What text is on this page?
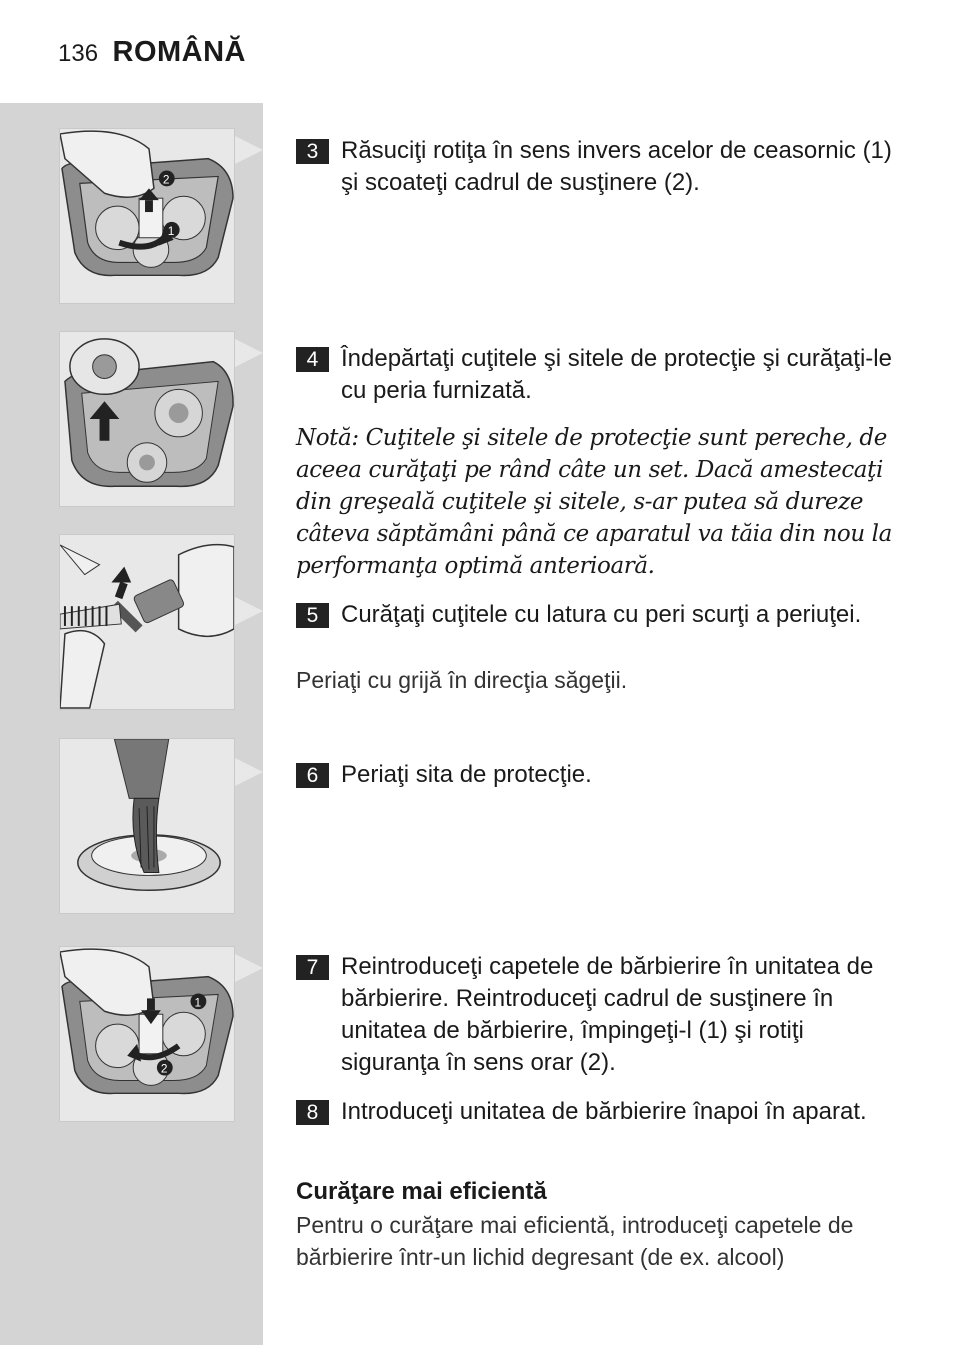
136 ROMÂNĂ
2
1
1
2
3 Răsuciţi rotiţa în sens invers acelor de ceasornic (1) şi scoateţi cadrul de susţinere (2).
4 Îndepărtaţi cuţitele şi sitele de protecţie şi curăţaţi-le cu peria furnizată.
Notă: Cuţitele şi sitele de protecţie sunt pereche, de aceea curăţaţi pe rând câte un set. Dacă amestecaţi din greşeală cuţitele şi sitele, s-ar putea să dureze câteva săptămâni până ce aparatul va tăia din nou la performanţa optimă anterioară.
5 Curăţaţi cuţitele cu latura cu peri scurţi a periuţei.
Periaţi cu grijă în direcţia săgeţii.
6 Periaţi sita de protecţie.
7 Reintroduceţi capetele de bărbierire în unitatea de bărbierire. Reintroduceţi cadrul de susţinere în unitatea de bărbierire, împingeţi-l (1) şi rotiţi siguranţa în sens orar (2).
8 Introduceţi unitatea de bărbierire înapoi în aparat.
Curăţare mai eficientă
Pentru o curăţare mai eficientă, introduceţi capetele de bărbierire într-un lichid degresant (de ex. alcool)
